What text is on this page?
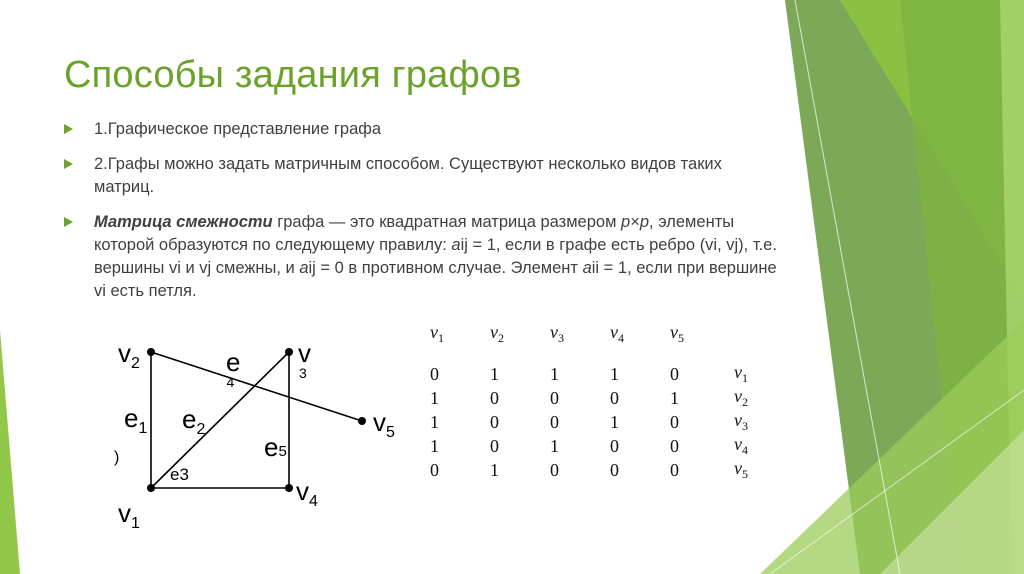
Способы задания графов
1.Графическое представление графа
2.Графы можно задать матричным способом. Существуют несколько видов таких матриц.
Матрица смежности графа — это квадратная матрица размером p×p, элементы которой образуются по следующему правилу: aij = 1, если в графе есть ребро (vi, vj), т.е. вершины vi и vj смежны, и aij = 0 в противном случае. Элемент aii = 1, если при вершине vi есть петля.
$v_2$	v 3
$v_5$
$v_4$
$v_1$
e 4
$e_1$ $e_2$
e5
e3
)
$v_1$	$v_2$	$v_3$	$v_4$	$v_5$	
0	1	1	1	0	$v_1$
1	0	0	0	1	$v_2$
1	0	0	1	0	$v_3$
1	0	1	0	0	$v_4$
0	1	0	0	0	$v_5$
